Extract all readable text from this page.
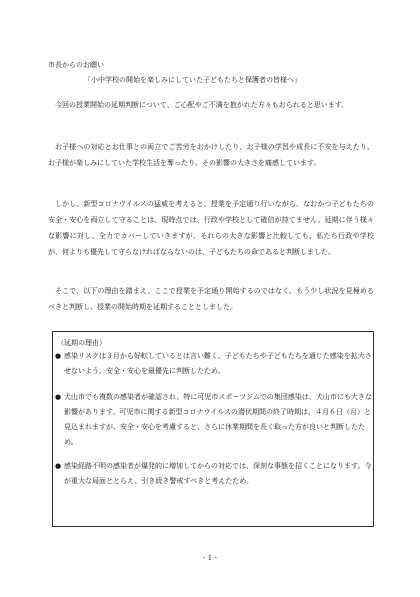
市長からのお願い
「小中学校の開始を楽しみにしていた子どもたちと保護者の皆様へ」
今回の授業開始の延期判断について、ご心配やご不満を抱かれた方々もおられると思います。
お子様への対応とお仕事との両立でご苦労をおかけしたり、お子様の学習や成長に不安を与えたり、お子様が楽しみにしていた学校生活を奪ったり、その影響の大きさを痛感しています。
しかし、新型コロナウイルスの猛威を考えると、授業を予定通り行いながら、なおかつ子どもたちの安全・安心を両立して守ることは、現時点では、行政や学校として確信が持てません。延期に伴う様々な影響に対し、全力でカバーしていきますが、それらの大きな影響と比較しても、私たち行政や学校が、何よりも優先して守らなければならないのは、子どもたちの命であると判断しました。
そこで、以下の理由を踏まえ、ここで授業を予定通り開始するのではなく、もう少し状況を見極めるべきと判断し、授業の開始時期を延期することとしました。
（延期の理由）
● 感染リスクは３月から好転しているとは言い難く、子どもたちや子どもたちを通じた感染を拡大させないよう、安全・安心を最優先に判断したため。
● 犬山市でも複数の感染者が確認され、特に可児市スポーツジムでの集団感染は、犬山市にも大きな影響があります。可児市に関する新型コロナウイルスの潜伏期間の終了時期は、４月６日（月）と見込まれますが、安全・安心を考慮すると、さらに休業期間を長く取った方が良いと判断したため。
● 感染経路不明の感染者が爆発的に増加してからの対応では、深刻な事態を招くことになります。今が重大な局面ととらえ、引き続き警戒すべきと考えたため。
- 1 -
